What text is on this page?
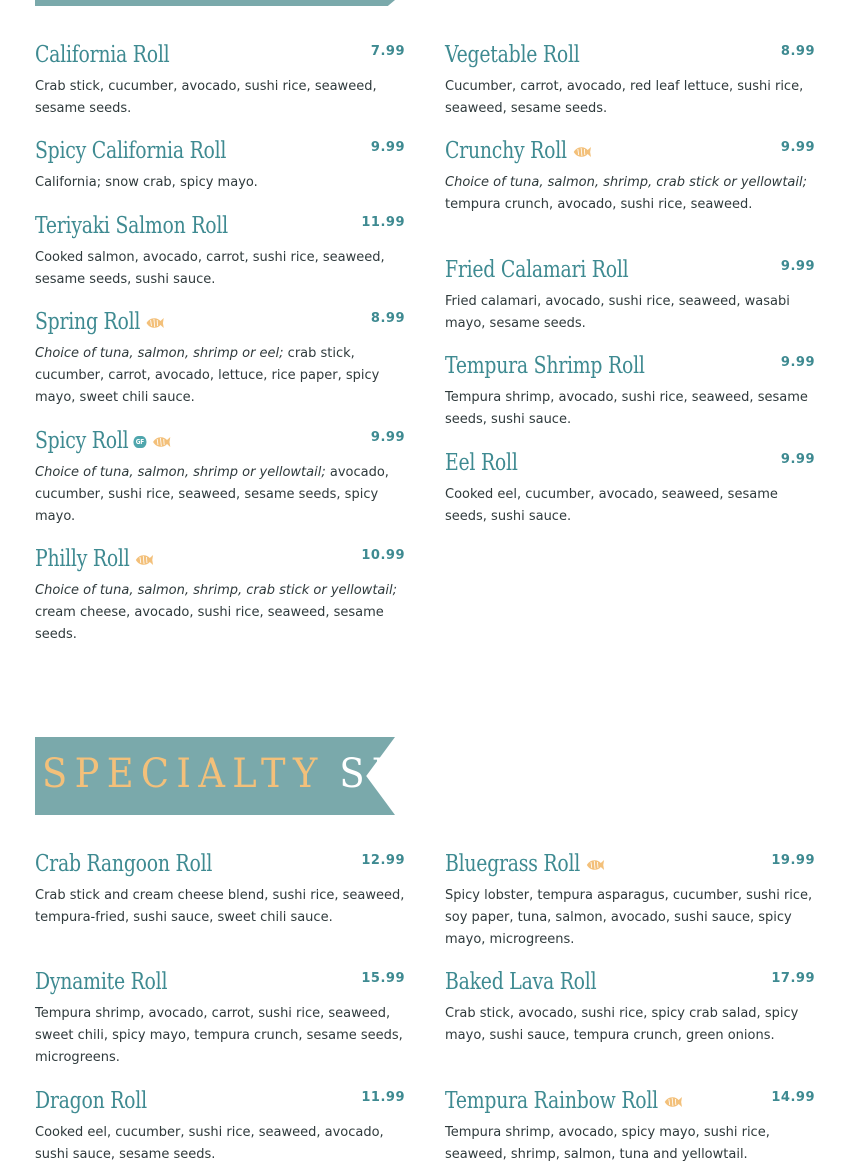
California Roll	7.99
Crab stick, cucumber, avocado, sushi rice, seaweed, sesame seeds.
Spicy California Roll	9.99
California; snow crab, spicy mayo.
Teriyaki Salmon Roll	11.99
Cooked salmon, avocado, carrot, sushi rice, seaweed, sesame seeds, sushi sauce.
Spring Roll	8.99
Choice of tuna, salmon, shrimp or eel; crab stick, cucumber, carrot, avocado, lettuce, rice paper, spicy mayo, sweet chili sauce.
Spicy Roll GF	9.99
Choice of tuna, salmon, shrimp or yellowtail; avocado, cucumber, sushi rice, seaweed, sesame seeds, spicy mayo.
Philly Roll	10.99
Choice of tuna, salmon, shrimp, crab stick or yellowtail; cream cheese, avocado, sushi rice, seaweed, sesame seeds.
Vegetable Roll	8.99
Cucumber, carrot, avocado, red leaf lettuce, sushi rice, seaweed, sesame seeds.
Crunchy Roll	9.99
Choice of tuna, salmon, shrimp, crab stick or yellowtail; tempura crunch, avocado, sushi rice, seaweed.
Fried Calamari Roll	9.99
Fried calamari, avocado, sushi rice, seaweed, wasabi mayo, sesame seeds.
Tempura Shrimp Roll	9.99
Tempura shrimp, avocado, sushi rice, seaweed, sesame seeds, sushi sauce.
Eel Roll	9.99
Cooked eel, cucumber, avocado, seaweed, sesame seeds, sushi sauce.
SPECIALTY SUSHI
Crab Rangoon Roll	12.99
Crab stick and cream cheese blend, sushi rice, seaweed, tempura-fried, sushi sauce, sweet chili sauce.
Dynamite Roll	15.99
Tempura shrimp, avocado, carrot, sushi rice, seaweed, sweet chili, spicy mayo, tempura crunch, sesame seeds, microgreens.
Dragon Roll	11.99
Cooked eel, cucumber, sushi rice, seaweed, avocado, sushi sauce, sesame seeds.
Bluegrass Roll	19.99
Spicy lobster, tempura asparagus, cucumber, sushi rice, soy paper, tuna, salmon, avocado, sushi sauce, spicy mayo, microgreens.
Baked Lava Roll	17.99
Crab stick, avocado, sushi rice, spicy crab salad, spicy mayo, sushi sauce, tempura crunch, green onions.
Tempura Rainbow Roll	14.99
Tempura shrimp, avocado, spicy mayo, sushi rice, seaweed, shrimp, salmon, tuna and yellowtail.
